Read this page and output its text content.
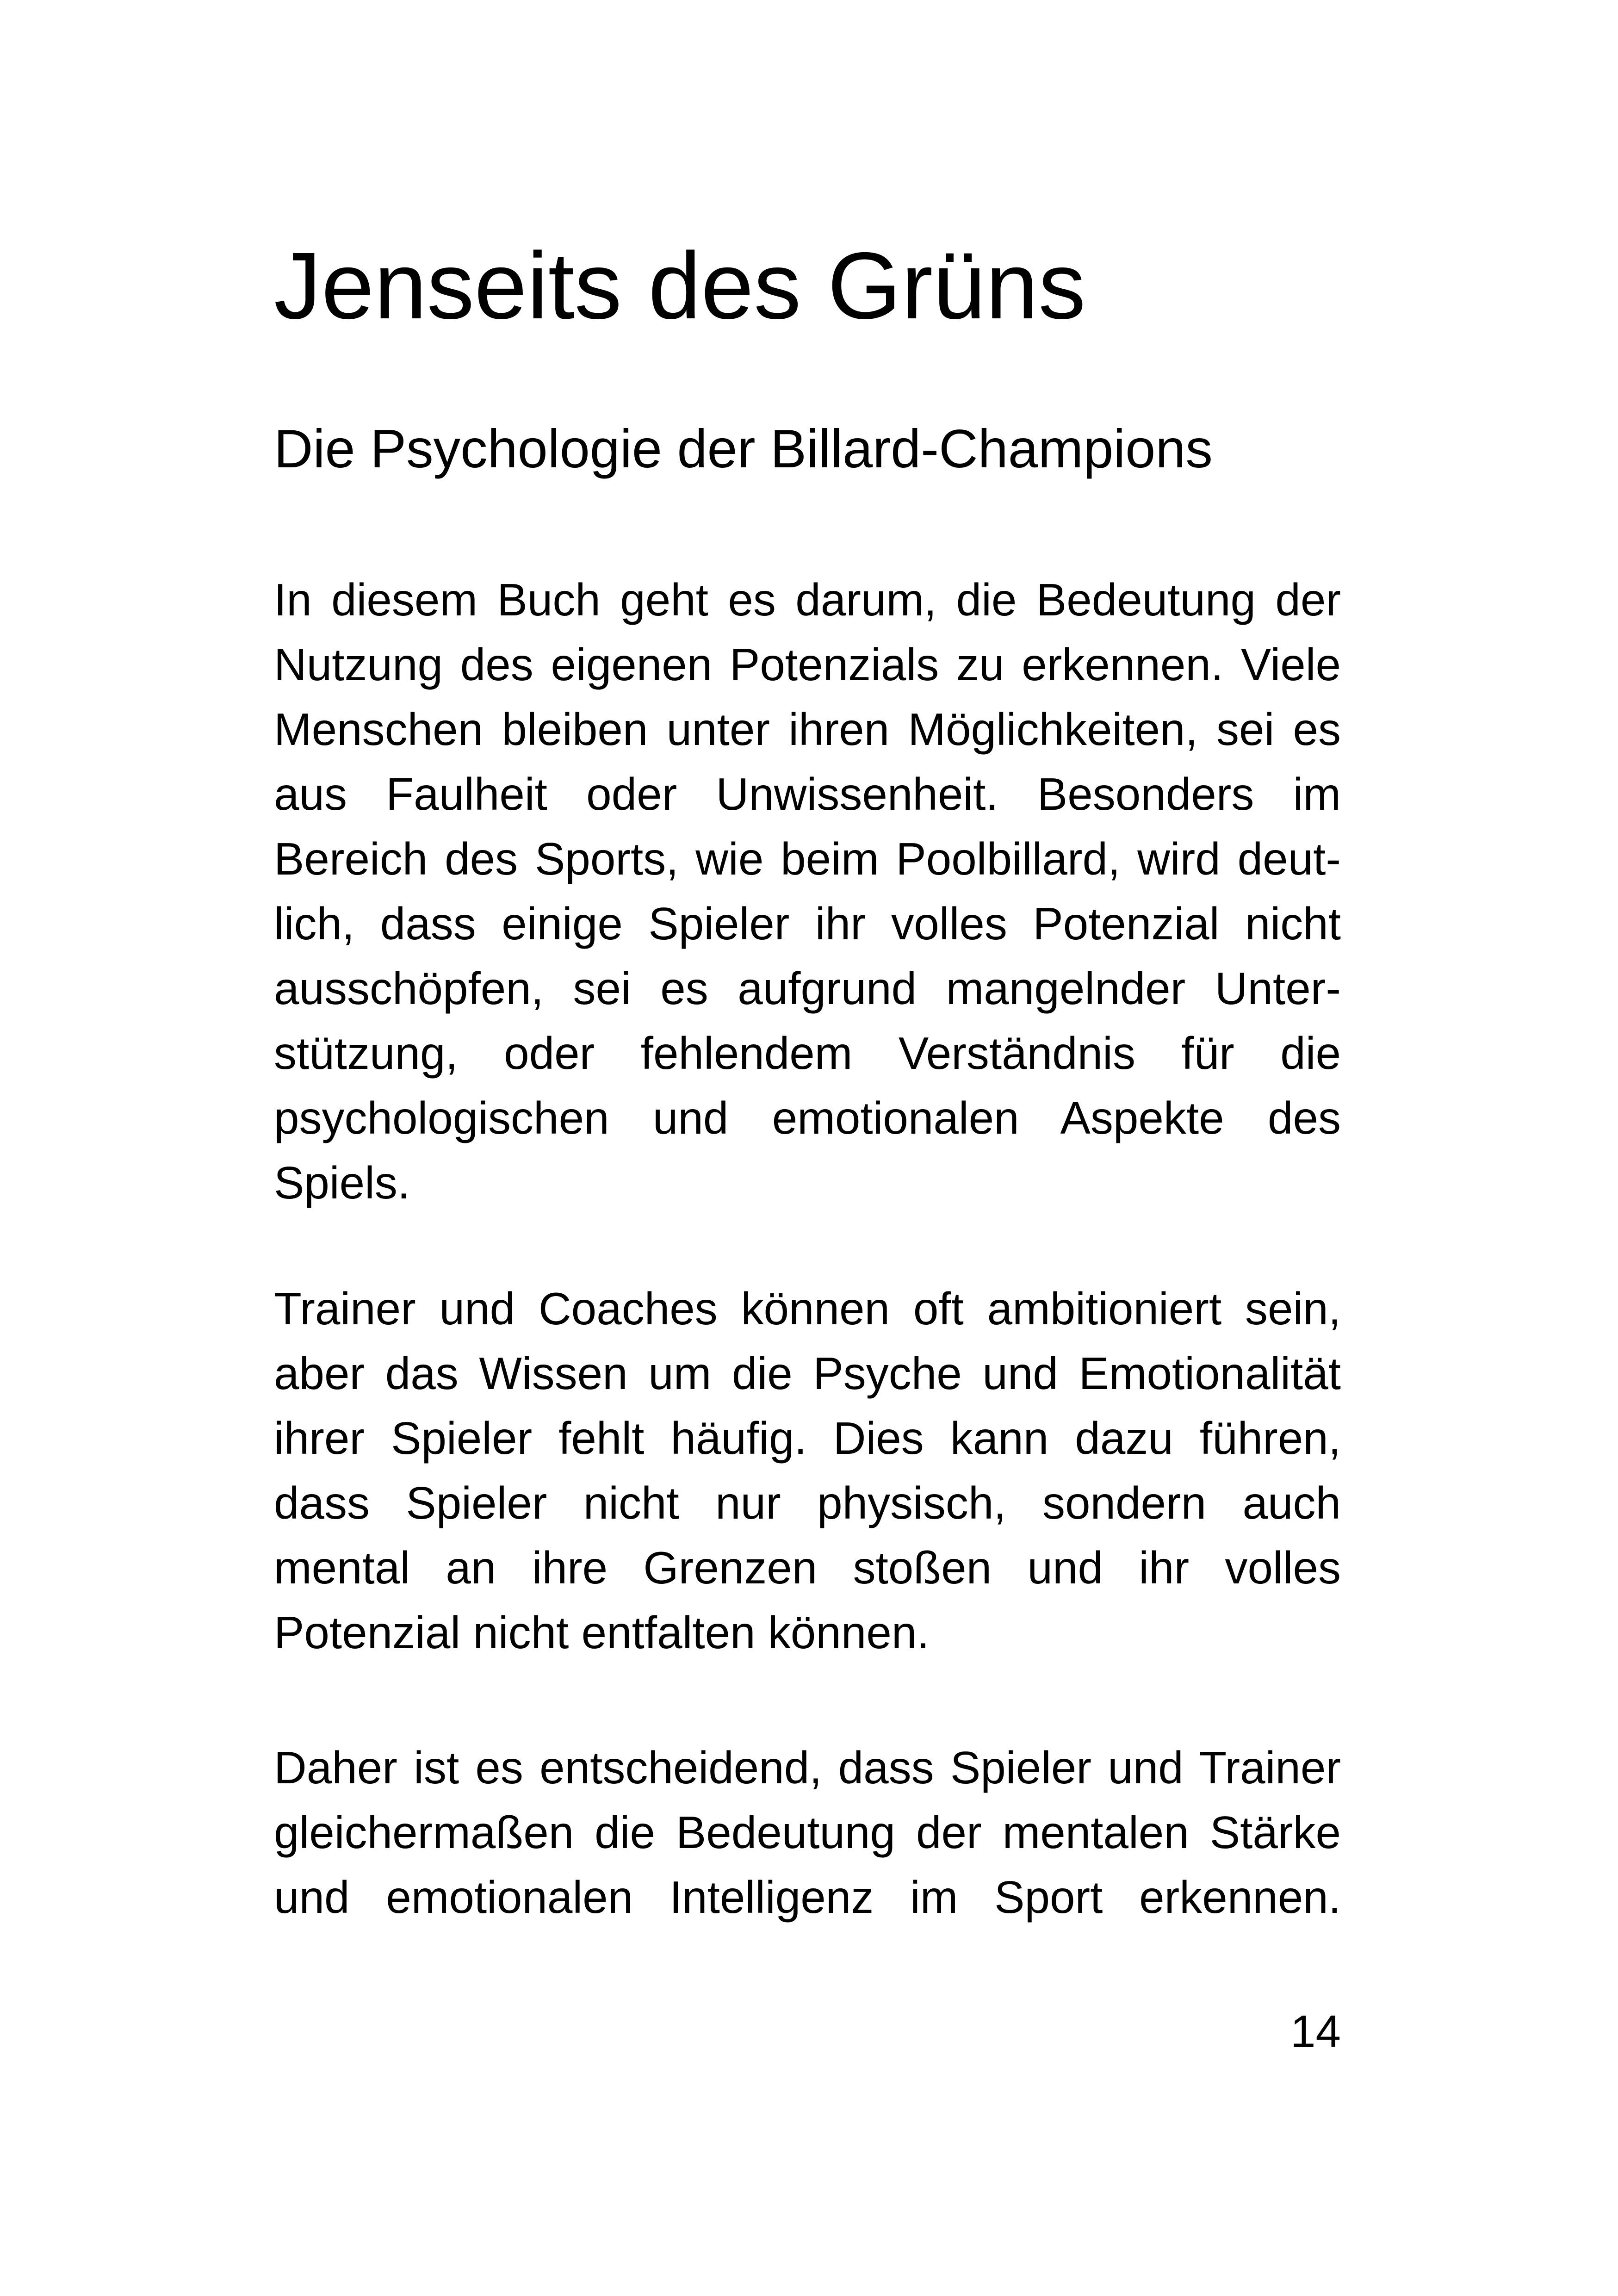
Jenseits des Grüns
Die Psychologie der Billard-Champions
In diesem Buch geht es darum, die Bedeutung der
Nutzung des eigenen Potenzials zu erkennen. Viele
Menschen bleiben unter ihren Möglichkeiten, sei es
aus Faulheit oder Unwissenheit. Besonders im
Bereich des Sports, wie beim Poolbillard, wird deut-
lich, dass einige Spieler ihr volles Potenzial nicht
ausschöpfen, sei es aufgrund mangelnder Unter-
stützung, oder fehlendem Verständnis für die
psychologischen und emotionalen Aspekte des
Spiels.
Trainer und Coaches können oft ambitioniert sein,
aber das Wissen um die Psyche und Emotionalität
ihrer Spieler fehlt häufig. Dies kann dazu führen,
dass Spieler nicht nur physisch, sondern auch
mental an ihre Grenzen stoßen und ihr volles
Potenzial nicht entfalten können.
Daher ist es entscheidend, dass Spieler und Trainer
gleichermaßen die Bedeutung der mentalen Stärke
und emotionalen Intelligenz im Sport erkennen.
14
